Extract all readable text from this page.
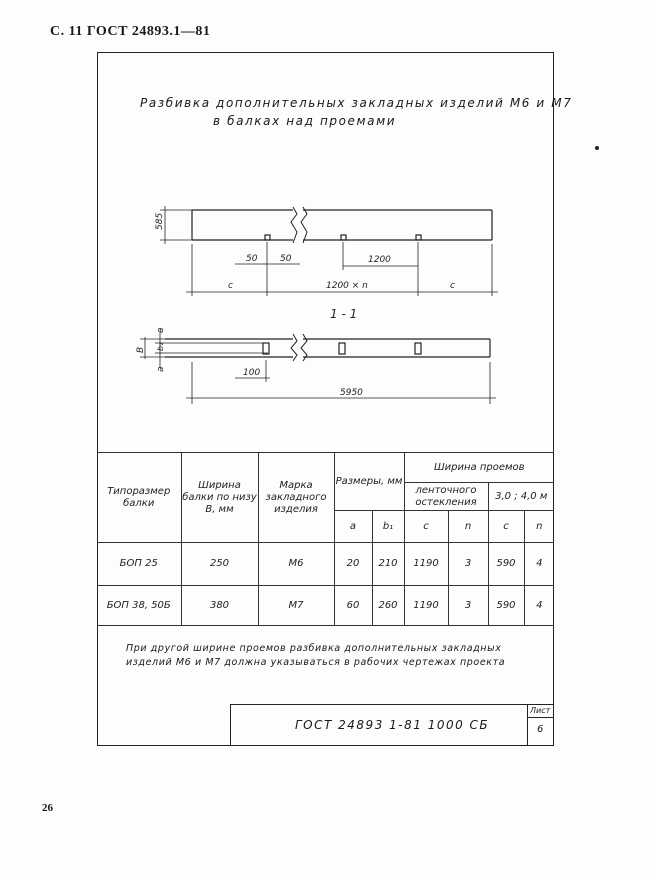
С. 11 ГОСТ 24893.1—81
Разбивка дополнительных закладных изделий М6 и М7
в балках над проемами
585
50	50	1200
c	1200 × n	c
1 - 1
a
B b₁
a	100
5950
Типоразмер балки	Ширина балки по низу В, мм	Марка закладного изделия	Размеры, мм		Ширина проемов			
					ленточного остекления		3,0 ; 4,0 м	
			a	b₁	c	n	c	n
БОП 25	250	М6	20	210	1190	3	590	4
БОП 38, 50Б	380	М7	60	260	1190	3	590	4
При другой ширине проемов разбивка дополнительных закладных
изделий М6 и М7 должна указываться в рабочих чертежах проекта
ГОСТ 24893 1-81 1000 СБ
Лист
6
26
